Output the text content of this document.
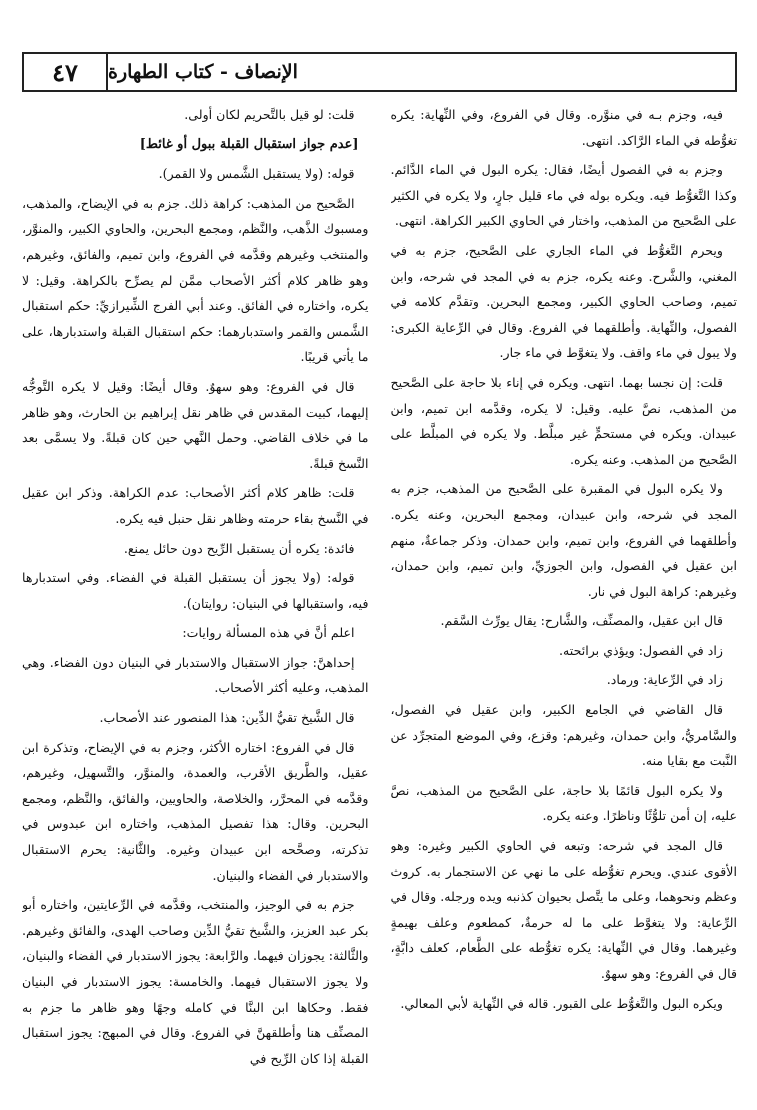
٤٧	الإنصاف - كتاب الطهارة

فيه، وجزم بـه في منوَّره. وقال في الفروع، وفي النِّهاية: يكره تغوُّطه في الماء الرَّاكد. انتهى.

وجزم به في الفصول أيضًا، فقال: يكره البول في الماء الدَّائم. وكذا التَّغوُّط فيه. ويكره بوله في ماء قليل جارٍ، ولا يكره في الكثير على الصَّحيح من المذهب، واختار في الحاوي الكبير الكراهة. انتهى.

ويحرم التَّغوُّط في الماء الجاري على الصَّحيح، جزم به في المغني، والشَّرح. وعنه يكره، جزم به في المجد في شرحه، وابن تميم، وصاحب الحاوي الكبير، ومجمع البحرين. وتقدَّم كلامه في الفصول، والنِّهاية. وأطلقهما في الفروع. وقال في الرِّعاية الكبرى: ولا يبول في ماء واقف. ولا يتغوَّط في ماء جار.

قلت: إن نجسا بهما. انتهى. ويكره في إناء بلا حاجة على الصَّحيح من المذهب، نصَّ عليه. وقيل: لا يكره، وقدَّمه ابن تميم، وابن عبيدان. ويكره في مستحمٍّ غير مبلَّط. ولا يكره في المبلَّط على الصَّحيح من المذهب. وعنه يكره.

ولا يكره البول في المقبرة على الصَّحيح من المذهب، جزم به المجد في شرحه، وابن عبيدان، ومجمع البحرين، وعنه يكره. وأطلقهما في الفروع، وابن تميم، وابن حمدان. وذكر جماعةٌ، منهم ابن عقيل في الفصول، وابن الجوزيِّ، وابن تميم، وابن حمدان، وغيرهم: كراهة البول في نار.

قال ابن عقيل، والمصنِّف، والشَّارح: يقال يورِّث السَّقم.

زاد في الفصول: ويؤذي برائحته.

زاد في الرِّعاية: ورماد.

قال القاضي في الجامع الكبير، وابن عقيل في الفصول، والسَّامريُّ، وابن حمدان، وغيرهم: وقزع، وفي الموضع المتجرِّد عن النَّبت مع بقايا منه.

ولا يكره البول قائمًا بلا حاجة، على الصَّحيح من المذهب، نصَّ عليه، إن أمن تلوُّثًا وناظرًا. وعنه يكره.

قال المجد في شرحه: وتبعه في الحاوي الكبير وغيره: وهو الأقوى عندي. ويحرم تغوُّطه على ما نهي عن الاستجمار به. كروث وعظم ونحوهما، وعلى ما يتَّصل بحيوان كذنبه ويده ورجله. وقال في الرِّعاية: ولا يتغوَّط على ما له حرمةٌ، كمطعوم وعلف بهيمةٍ وغيرهما. وقال في النِّهاية: يكره تغوُّطه على الطَّعام، كعلف دابَّةٍ، قال في الفروع: وهو سهوٌ.

ويكره البول والتَّغوُّط على القبور. قاله في النِّهاية لأبي المعالي.

قلت: لو قيل بالتَّحريم لكان أولى.

[عدم جواز استقبال القبلة ببول أو غائط]

قوله: (ولا يستقبل الشَّمس ولا القمر).

الصَّحيح من المذهب: كراهة ذلك. جزم به في الإيضاح، والمذهب، ومسبوك الذَّهب، والنَّظم، ومجمع البحرين، والحاوي الكبير، والمنوَّر، والمنتخب وغيرهم وقدَّمه في الفروع، وابن تميم، والفائق، وغيرهم، وهو ظاهر كلام أكثر الأصحاب ممَّن لم يصرِّح بالكراهة. وقيل: لا يكره، واختاره في الفائق. وعند أبي الفرج الشِّيرازيِّ: حكم استقبال الشَّمس والقمر واستدبارهما: حكم استقبال القبلة واستدبارها، على ما يأتي قريبًا.

قال في الفروع: وهو سهوٌ. وقال أيضًا: وقيل لا يكره التَّوجُّه إليهما، كبيت المقدس في ظاهر نقل إبراهيم بن الحارث، وهو ظاهر ما في خلاف القاضي. وحمل النَّهي حين كان قبلةً. ولا يسمَّى بعد النَّسخ قبلةً.

قلت: ظاهر كلام أكثر الأصحاب: عدم الكراهة. وذكر ابن عقيل في النَّسخ بقاء حرمته وظاهر نقل حنبل فيه يكره.

فائدة: يكره أن يستقبل الرِّيح دون حائل يمنع.

قوله: (ولا يجوز أن يستقبل القبلة في الفضاء. وفي استدبارها فيه، واستقبالها في البنيان: روايتان).

اعلم أنَّ في هذه المسألة روايات:

إحداهنَّ: جواز الاستقبال والاستدبار في البنيان دون الفضاء. وهي المذهب، وعليه أكثر الأصحاب.

قال الشَّيخ تقيُّ الدِّين: هذا المنصور عند الأصحاب.

قال في الفروع: اختاره الأكثر، وجزم به في الإيضاح، وتذكرة ابن عقيل، والطَّريق الأقرب، والعمدة، والمنوَّر، والتَّسهيل، وغيرهم، وقدَّمه في المحرَّر، والخلاصة، والحاويين، والفائق، والنَّظم، ومجمع البحرين. وقال: هذا تفصيل المذهب، واختاره ابن عبدوس في تذكرته، وصحَّحه ابن عبيدان وغيره. والثَّانية: يحرم الاستقبال والاستدبار في الفضاء والبنيان.

جزم به في الوجيز، والمنتخب، وقدَّمه في الرِّعايتين، واختاره أبو بكر عبد العزيز، والشَّيخ تقيُّ الدِّين وصاحب الهدى، والفائق وغيرهم. والثَّالثة: يجوزان فيهما. والرَّابعة: يجوز الاستدبار في الفضاء والبنيان، ولا يجوز الاستقبال فيهما. والخامسة: يجوز الاستدبار في البنيان فقط. وحكاها ابن البنَّا في كامله وجهًا وهو ظاهر ما جزم به المصنِّف هنا وأطلقهنَّ في الفروع. وقال في المبهج: يجوز استقبال القبلة إذا كان الرِّيح في
